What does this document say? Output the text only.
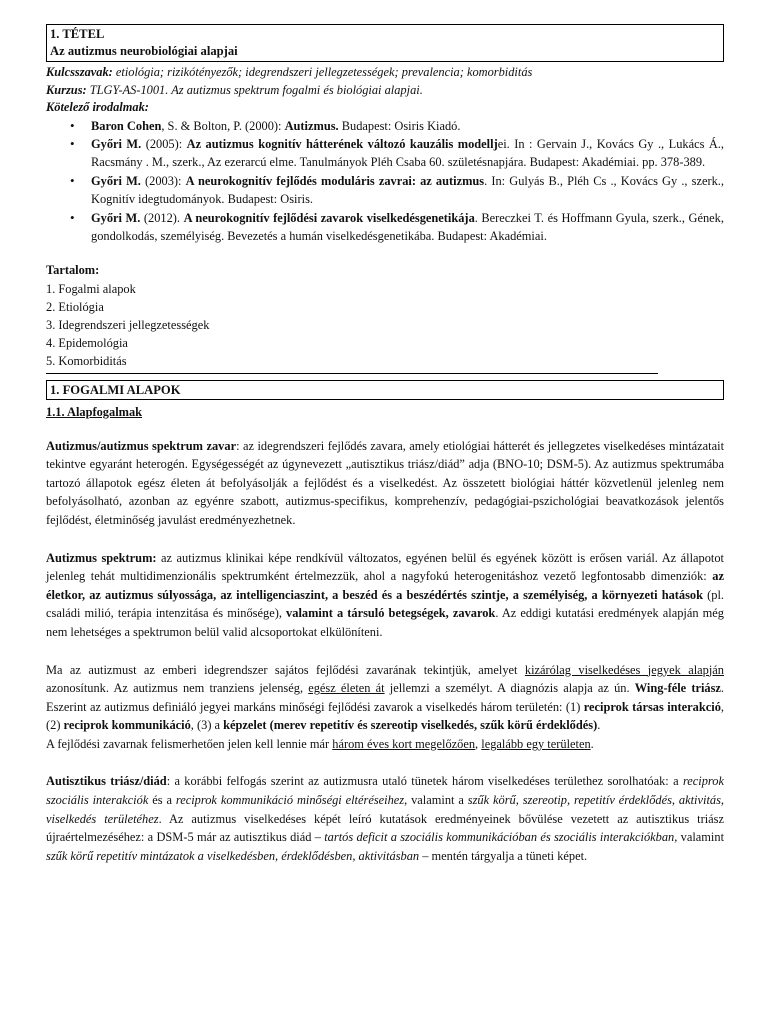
1. TÉTEL
Az autizmus neurobiológiai alapjai
Kulcsszavak: etiológia; rizikótényezők; idegrendszeri jellegzetességek; prevalencia; komorbiditás
Kurzus: TLGY-AS-1001. Az autizmus spektrum fogalmi és biológiai alapjai.
Kötelező irodalmak:
• Baron Cohen, S. & Bolton, P. (2000): Autizmus. Budapest: Osiris Kiadó.
• Győri M. (2005): Az autizmus kognitív hátterének változó kauzális modelljei. In : Gervain J., Kovács Gy ., Lukács Á., Racsmány . M., szerk., Az ezerarcú elme. Tanulmányok Pléh Csaba 60. születésnapjára. Budapest: Akadémiai. pp. 378-389.
• Győri M. (2003): A neurokognitív fejlődés moduláris zavrai: az autizmus. In: Gulyás B., Pléh Cs ., Kovács Gy ., szerk., Kognitív idegtudományok. Budapest: Osiris.
• Győri M. (2012). A neurokognitív fejlődési zavarok viselkedésgenetikája. Bereczkei T. és Hoffmann Gyula, szerk., Gének, gondolkodás, személyiség. Bevezetés a humán viselkedésgenetikába. Budapest: Akadémiai.
Tartalom:
1. Fogalmi alapok
2. Etiológia
3. Idegrendszeri jellegzetességek
4. Epidemológia
5. Komorbiditás
1. FOGALMI ALAPOK
1.1. Alapfogalmak

Autizmus/autizmus spektrum zavar: az idegrendszeri fejlődés zavara, amely etiológiai hátterét és jellegzetes viselkedéses mintázatait tekintve egyaránt heterogén. Egységességét az úgynevezett „autisztikus triász/diád” adja (BNO-10; DSM-5). Az autizmus spektrumába tartozó állapotok egész életen át befolyásolják a fejlődést és a viselkedést. Az összetett biológiai háttér közvetlenül jelenleg nem befolyásolható, azonban az egyénre szabott, autizmus-specifikus, komprehenzív, pedagógiai-pszichológiai beavatkozások jelentős fejlődést, életminőség javulást eredményezhetnek.

Autizmus spektrum: az autizmus klinikai képe rendkívül változatos, egyénen belül és egyének között is erősen variál. Az állapotot jelenleg tehát multidimenzionális spektrumként értelmezzük, ahol a nagyfokú heterogenitáshoz vezető legfontosabb dimenziók: az életkor, az autizmus súlyossága, az intelligenciaszint, a beszéd és a beszédértés szintje, a személyiség, a környezeti hatások (pl. családi milió, terápia intenzitása és minősége), valamint a társuló betegségek, zavarok. Az eddigi kutatási eredmények alapján még nem lehetséges a spektrumon belül valid alcsoportokat elkülöníteni.

Ma az autizmust az emberi idegrendszer sajátos fejlődési zavarának tekintjük, amelyet kizárólag viselkedéses jegyek alapján azonosítunk. Az autizmus nem tranziens jelenség, egész életen át jellemzi a személyt. A diagnózis alapja az ún. Wing-féle triász. Eszerint az autizmus definiáló jegyei markáns minőségi fejlődési zavarok a viselkedés három területén: (1) reciprok társas interakció, (2) reciprok kommunikáció, (3) a képzelet (merev repetitív és szereotip viselkedés, szűk körű érdeklődés).

A fejlődési zavarnak felismerhetően jelen kell lennie már három éves kort megelőzően, legalább egy területen.

Autisztikus triász/diád: a korábbi felfogás szerint az autizmusra utaló tünetek három viselkedéses területhez sorolhatóak: a reciprok szociális interakciók és a reciprok kommunikáció minőségi eltéréseihez, valamint a szűk körű, szereotip, repetitív érdeklődés, aktivitás, viselkedés területéhez. Az autizmus viselkedéses képét leíró kutatások eredményeinek bővülése vezetett az autisztikus triász újraértelmezéséhez: a DSM-5 már az autisztikus diád – tartós deficit a szociális kommunikációban és szociális interakciókban, valamint szűk körű repetitív mintázatok a viselkedésben, érdeklődésben, aktivitásban – mentén tárgyalja a tüneti képet.
